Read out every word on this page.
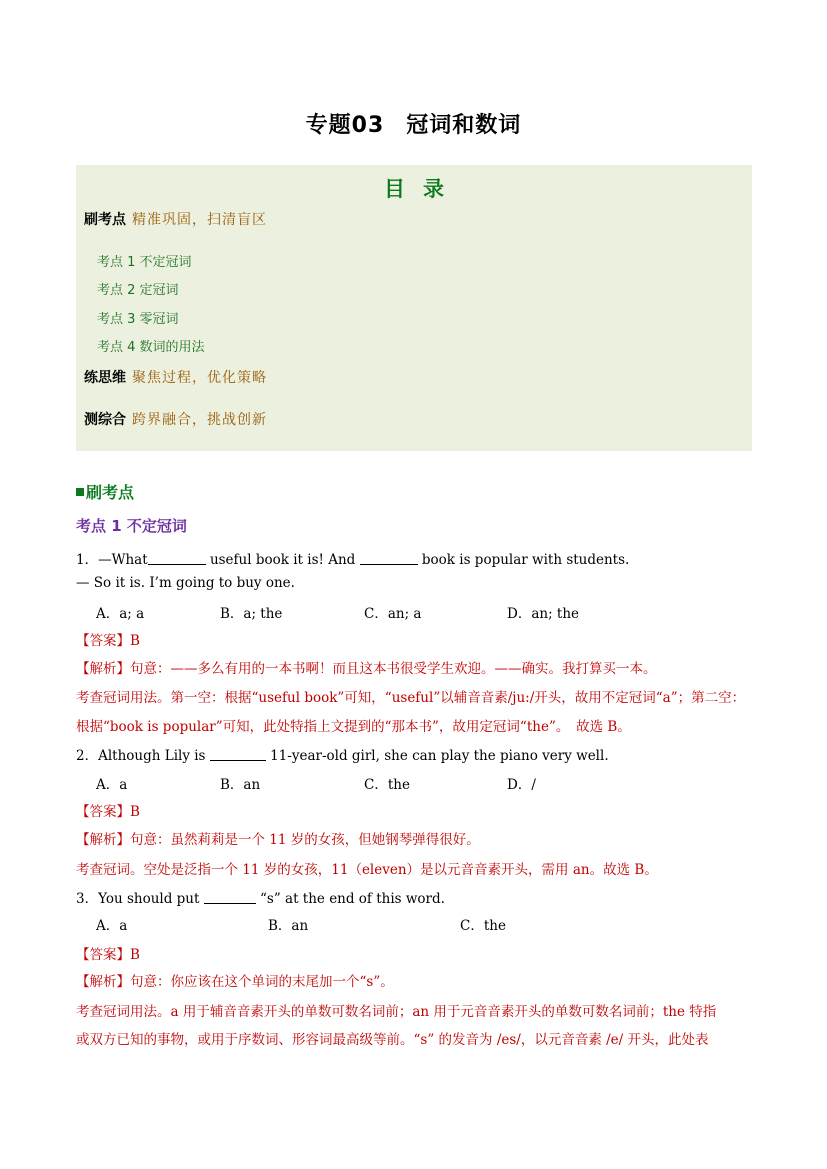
专题03 冠词和数词
目录
刷考点 精准巩固，扫清盲区
考点 1 不定冠词
考点 2 定冠词
考点 3 零冠词
考点 4 数词的用法
练思维 聚焦过程，优化策略
测综合 跨界融合，挑战创新
刷考点
考点 1 不定冠词
1．—What	useful book it is! And	book is popular with students.
— So it is. I’m going to buy one.
A．a; a	B．a; the	C．an; a	D．an; the
【答案】B
【解析】句意：——多么有用的一本书啊！而且这本书很受学生欢迎。——确实。我打算买一本。
考查冠词用法。第一空：根据“useful book”可知，“useful”以辅音音素/ju:/开头，故用不定冠词“a”；第二空：
根据“book is popular”可知，此处特指上文提到的“那本书”，故用定冠词“the”。　故选 B。
2．Although Lily is	11-year-old girl, she can play the piano very well.
A．a	B．an	C．the	D．/
【答案】B
【解析】句意：虽然莉莉是一个 11 岁的女孩，但她钢琴弹得很好。
考查冠词。空处是泛指一个 11 岁的女孩，11（eleven）是以元音音素开头，需用 an。故选 B。
3．You should put	“s” at the end of this word.
A．a	B．an	C．the
【答案】B
【解析】句意：你应该在这个单词的末尾加一个“s”。
考查冠词用法。a 用于辅音音素开头的单数可数名词前；an 用于元音音素开头的单数可数名词前；the 特指
或双方已知的事物，或用于序数词、形容词最高级等前。“s” 的发音为 /es/，以元音音素 /e/ 开头，此处表
